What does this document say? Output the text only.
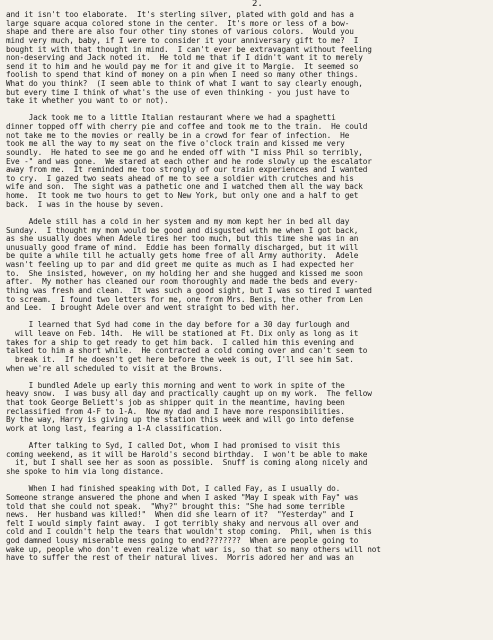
2.
and it isn't too elaborate.  It's sterling silver, plated with gold and has a
large square acqua colored stone in the center.  It's more or less of a bow-
shape and there are also four other tiny stones of various colors.  Would you
mind very much, baby, if I were to consider it your anniversary gift to me?  I
bought it with that thought in mind.  I can't ever be extravagant without feeling
non-deserving and Jack noted it.  He told me that if I didn't want it to merely
send it to him and he would pay me for it and give it to Margie.  It seemed so
foolish to spend that kind of money on a pin when I need so many other things.
What do you think?  (I seem able to think of what I want to say clearly enough,
but every time I think of what's the use of even thinking - you just have to
take it whether you want to or not).
Jack took me to a little Italian restaurant where we had a spaghetti
dinner topped off with cherry pie and coffee and took me to the train.  He could
not take me to the movies or really be in a crowd for fear of infection.  He
took me all the way to my seat on the five o'clock train and kissed me very
soundly.  He hated to see me go and he ended off with "I miss Phil so terribly,
Eve -" and was gone.  We stared at each other and he rode slowly up the escalator
away from me.  It reminded me too strongly of our train experiences and I wanted
to cry.  I gazed two seats ahead of me to see a soldier with crutches and his
wife and son.  The sight was a pathetic one and I watched them all the way back
home.  It took me two hours to get to New York, but only one and a half to get
back.  I was in the house by seven.
Adele still has a cold in her system and my mom kept her in bed all day
Sunday.  I thought my mom would be good and disgusted with me when I got back,
as she usually does when Adele tires her too much, but this time she was in an
unusually good frame of mind.  Eddie has been formally discharged, but it will
be quite a while till he actually gets home free of all Army authority.  Adele
wasn't feeling up to par and did greet me quite as much as I had expected her
to.  She insisted, however, on my holding her and she hugged and kissed me soon
after.  My mother has cleaned our room thoroughly and made the beds and every-
thing was fresh and clean.  It was such a good sight, but I was so tired I wanted
to scream.  I found two letters for me, one from Mrs. Benis, the other from Len
and Lee.  I brought Adele over and went straight to bed with her.
I learned that Syd had come in the day before for a 30 day furlough and
will leave on Feb. 14th.  He will be stationed at Ft. Dix only as long as it
takes for a ship to get ready to get him back.  I called him this evening and
talked to him a short while.  He contracted a cold coming over and can't seem to
break it.  If he doesn't get here before the week is out, I'll see him Sat.
when we're all scheduled to visit at the Browns.
I bundled Adele up early this morning and went to work in spite of the
heavy snow.  I was busy all day and practically caught up on my work.  The fellow
that took George Beliett's job as shipper quit in the meantime, having been
reclassified from 4-F to 1-A.  Now my dad and I have more responsibilities.
By the way, Harry is giving up the station this week and will go into defense
work at long last, fearing a 1-A classification.
After talking to Syd, I called Dot, whom I had promised to visit this
coming weekend, as it will be Harold's second birthday.  I won't be able to make
it, but I shall see her as soon as possible.  Snuff is coming along nicely and
she spoke to him via long distance.
When I had finished speaking with Dot, I called Fay, as I usually do.
Someone strange answered the phone and when I asked "May I speak with Fay" was
told that she could not speak.  "Why?" brought this: "She had some terrible
news.  Her husband was killed!"  When did she learn of it?  "Yesterday" and I
felt I would simply faint away.  I got terribly shaky and nervous all over and
cold and I couldn't help the tears that wouldn't stop coming.  Phil, when is this
god damned lousy miserable mess going to end????????  When are people going to
wake up, people who don't even realize what war is, so that so many others will not
have to suffer the rest of their natural lives.  Morris adored her and was an
